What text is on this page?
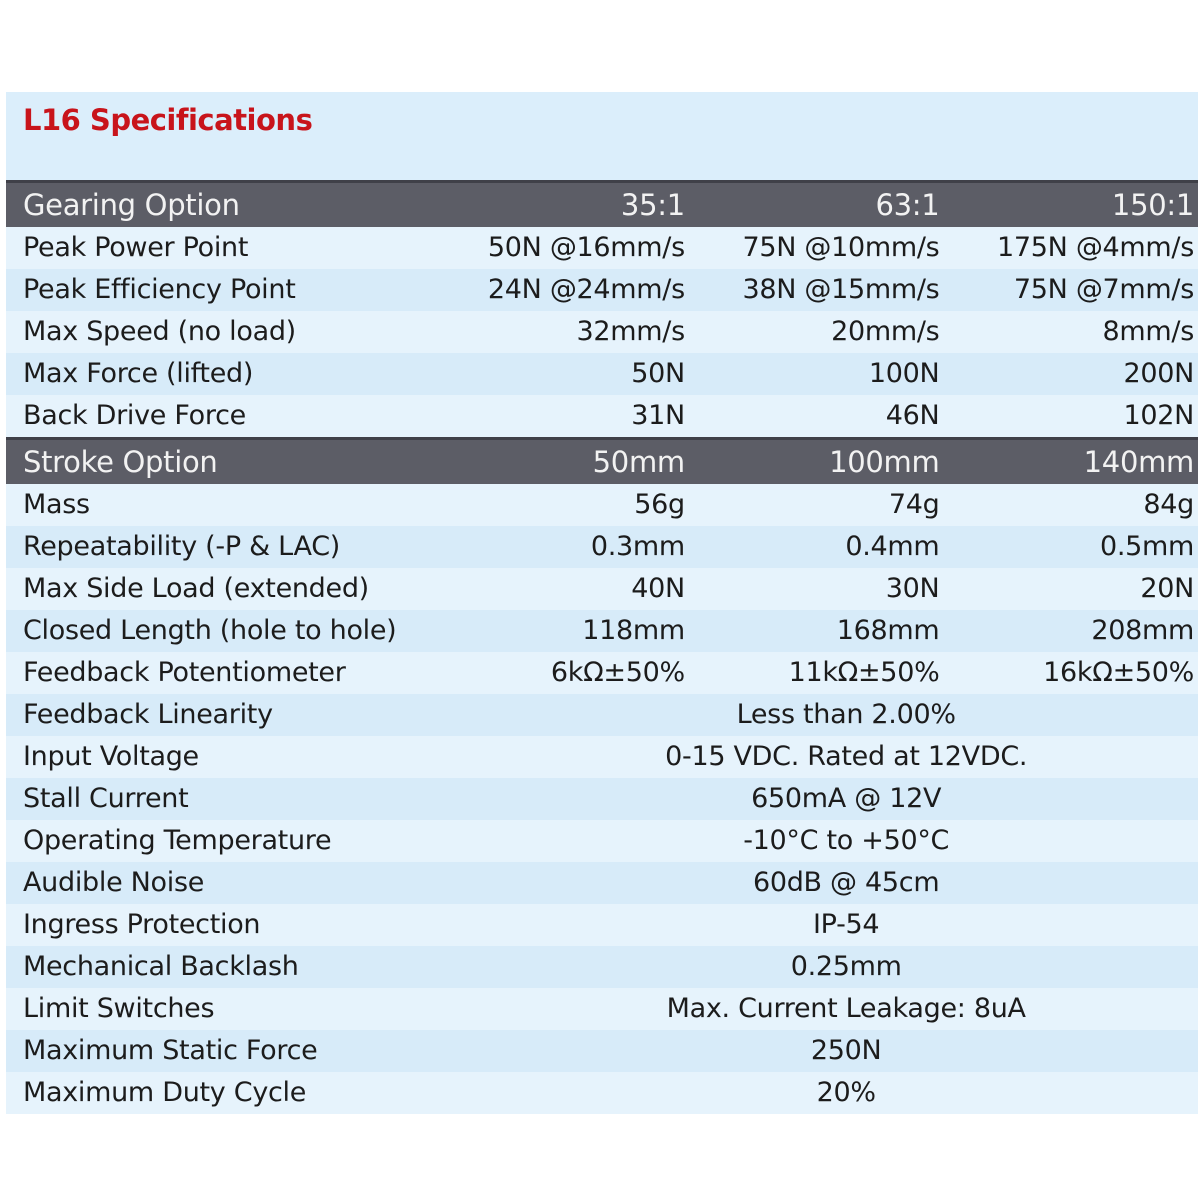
L16 Specifications
Gearing Option	35:1	63:1	150:1
Peak Power Point	50N @16mm/s	75N @10mm/s	175N @4mm/s
Peak Efficiency Point	24N @24mm/s	38N @15mm/s	75N @7mm/s
Max Speed (no load)	32mm/s	20mm/s	8mm/s
Max Force (lifted)	50N	100N	200N
Back Drive Force	31N	46N	102N
Stroke Option	50mm	100mm	140mm
Mass	56g	74g	84g
Repeatability (-P & LAC)	0.3mm	0.4mm	0.5mm
Max Side Load (extended)	40N	30N	20N
Closed Length (hole to hole)	118mm	168mm	208mm
Feedback Potentiometer	6kΩ±50%	11kΩ±50%	16kΩ±50%
Feedback Linearity	Less than 2.00%		
Input Voltage	0-15 VDC. Rated at 12VDC.		
Stall Current	650mA @ 12V		
Operating Temperature	-10°C to +50°C		
Audible Noise	60dB @ 45cm		
Ingress Protection	IP-54		
Mechanical Backlash	0.25mm		
Limit Switches	Max. Current Leakage: 8uA		
Maximum Static Force	250N		
Maximum Duty Cycle	20%		
